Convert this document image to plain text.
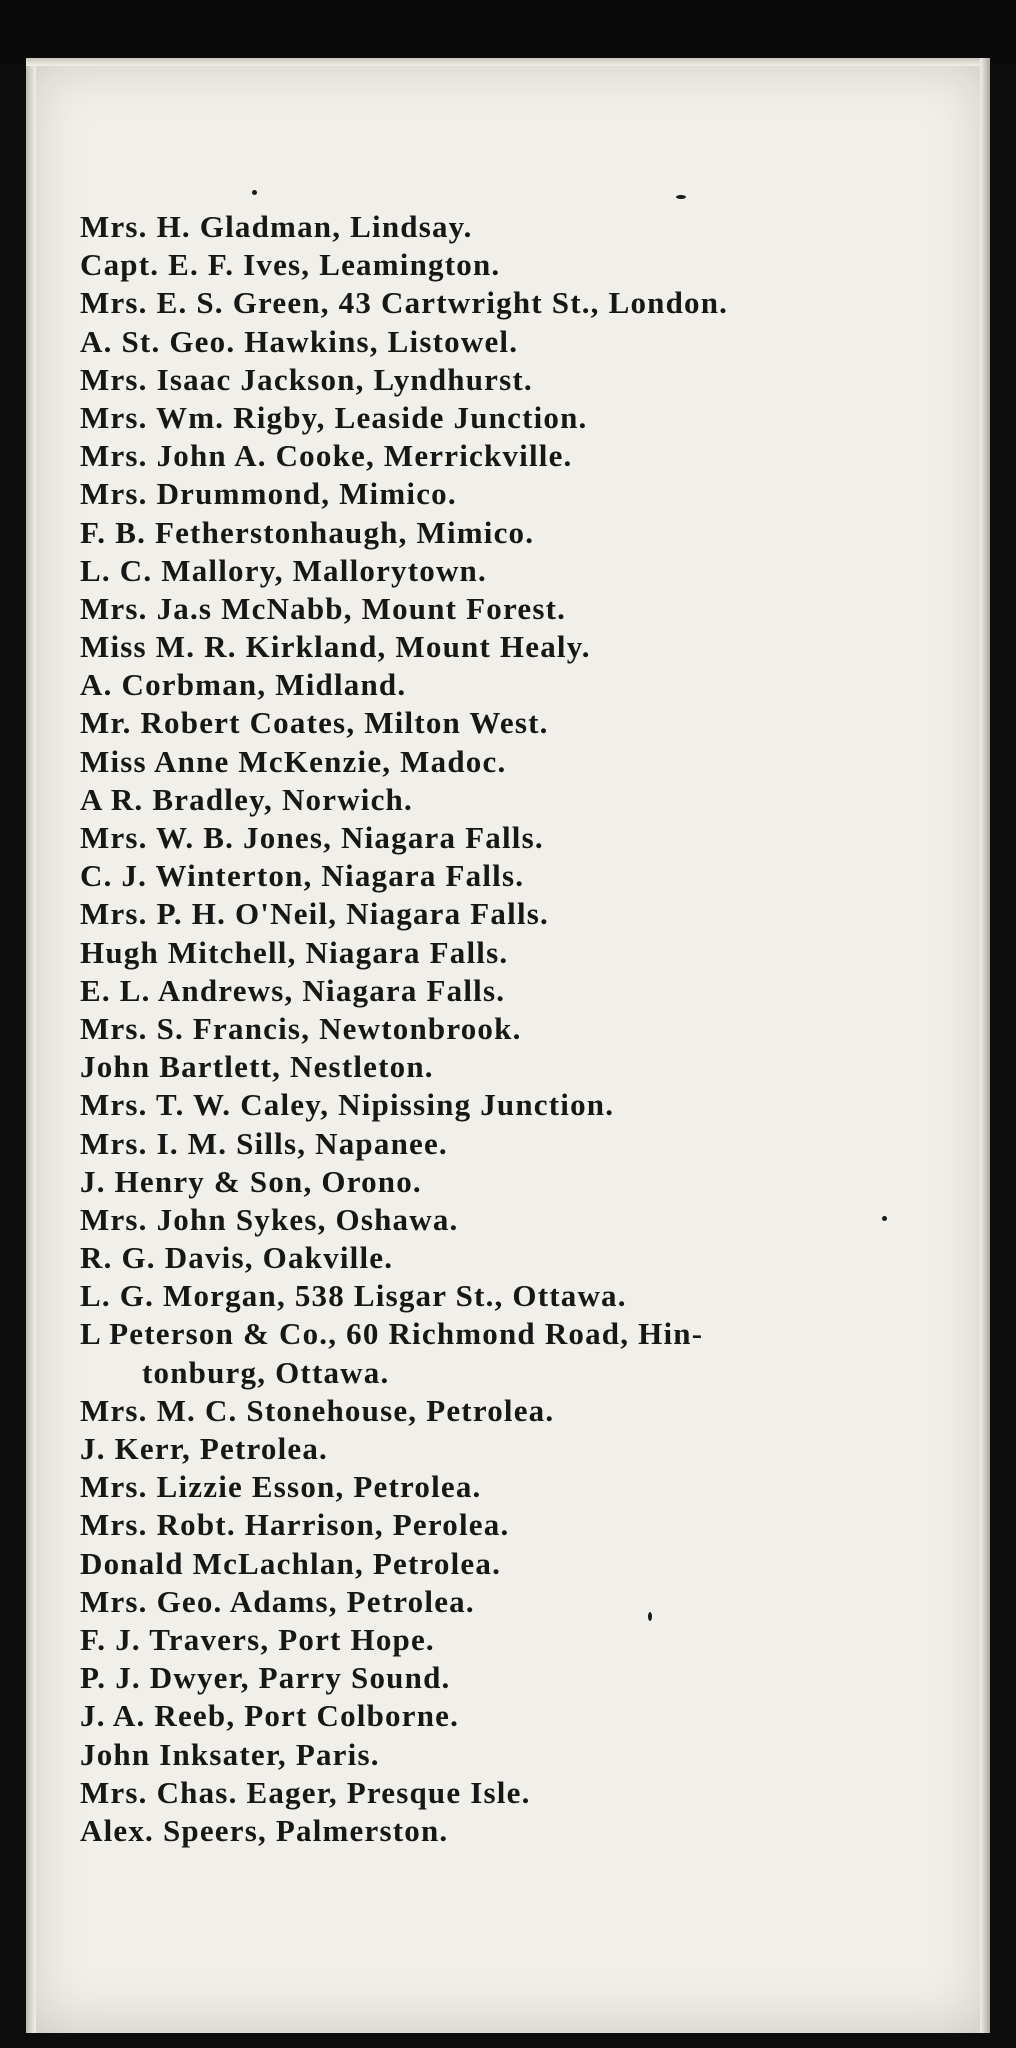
Mrs. H. Gladman, Lindsay.
Capt. E. F. Ives, Leamington.
Mrs. E. S. Green, 43 Cartwright St., London.
A. St. Geo. Hawkins, Listowel.
Mrs. Isaac Jackson, Lyndhurst.
Mrs. Wm. Rigby, Leaside Junction.
Mrs. John A. Cooke, Merrickville.
Mrs. Drummond, Mimico.
F. B. Fetherstonhaugh, Mimico.
L. C. Mallory, Mallorytown.
Mrs. Ja.s McNabb, Mount Forest.
Miss M. R. Kirkland, Mount Healy.
A. Corbman, Midland.
Mr. Robert Coates, Milton West.
Miss Anne McKenzie, Madoc.
A R. Bradley, Norwich.
Mrs. W. B. Jones, Niagara Falls.
C. J. Winterton, Niagara Falls.
Mrs. P. H. O'Neil, Niagara Falls.
Hugh Mitchell, Niagara Falls.
E. L. Andrews, Niagara Falls.
Mrs. S. Francis, Newtonbrook.
John Bartlett, Nestleton.
Mrs. T. W. Caley, Nipissing Junction.
Mrs. I. M. Sills, Napanee.
J. Henry & Son, Orono.
Mrs. John Sykes, Oshawa.
R. G. Davis, Oakville.
L. G. Morgan, 538 Lisgar St., Ottawa.
L Peterson & Co., 60 Richmond Road, Hin-
tonburg, Ottawa.
Mrs. M. C. Stonehouse, Petrolea.
J. Kerr, Petrolea.
Mrs. Lizzie Esson, Petrolea.
Mrs. Robt. Harrison, Perolea.
Donald McLachlan, Petrolea.
Mrs. Geo. Adams, Petrolea.
F. J. Travers, Port Hope.
P. J. Dwyer, Parry Sound.
J. A. Reeb, Port Colborne.
John Inksater, Paris.
Mrs. Chas. Eager, Presque Isle.
Alex. Speers, Palmerston.
